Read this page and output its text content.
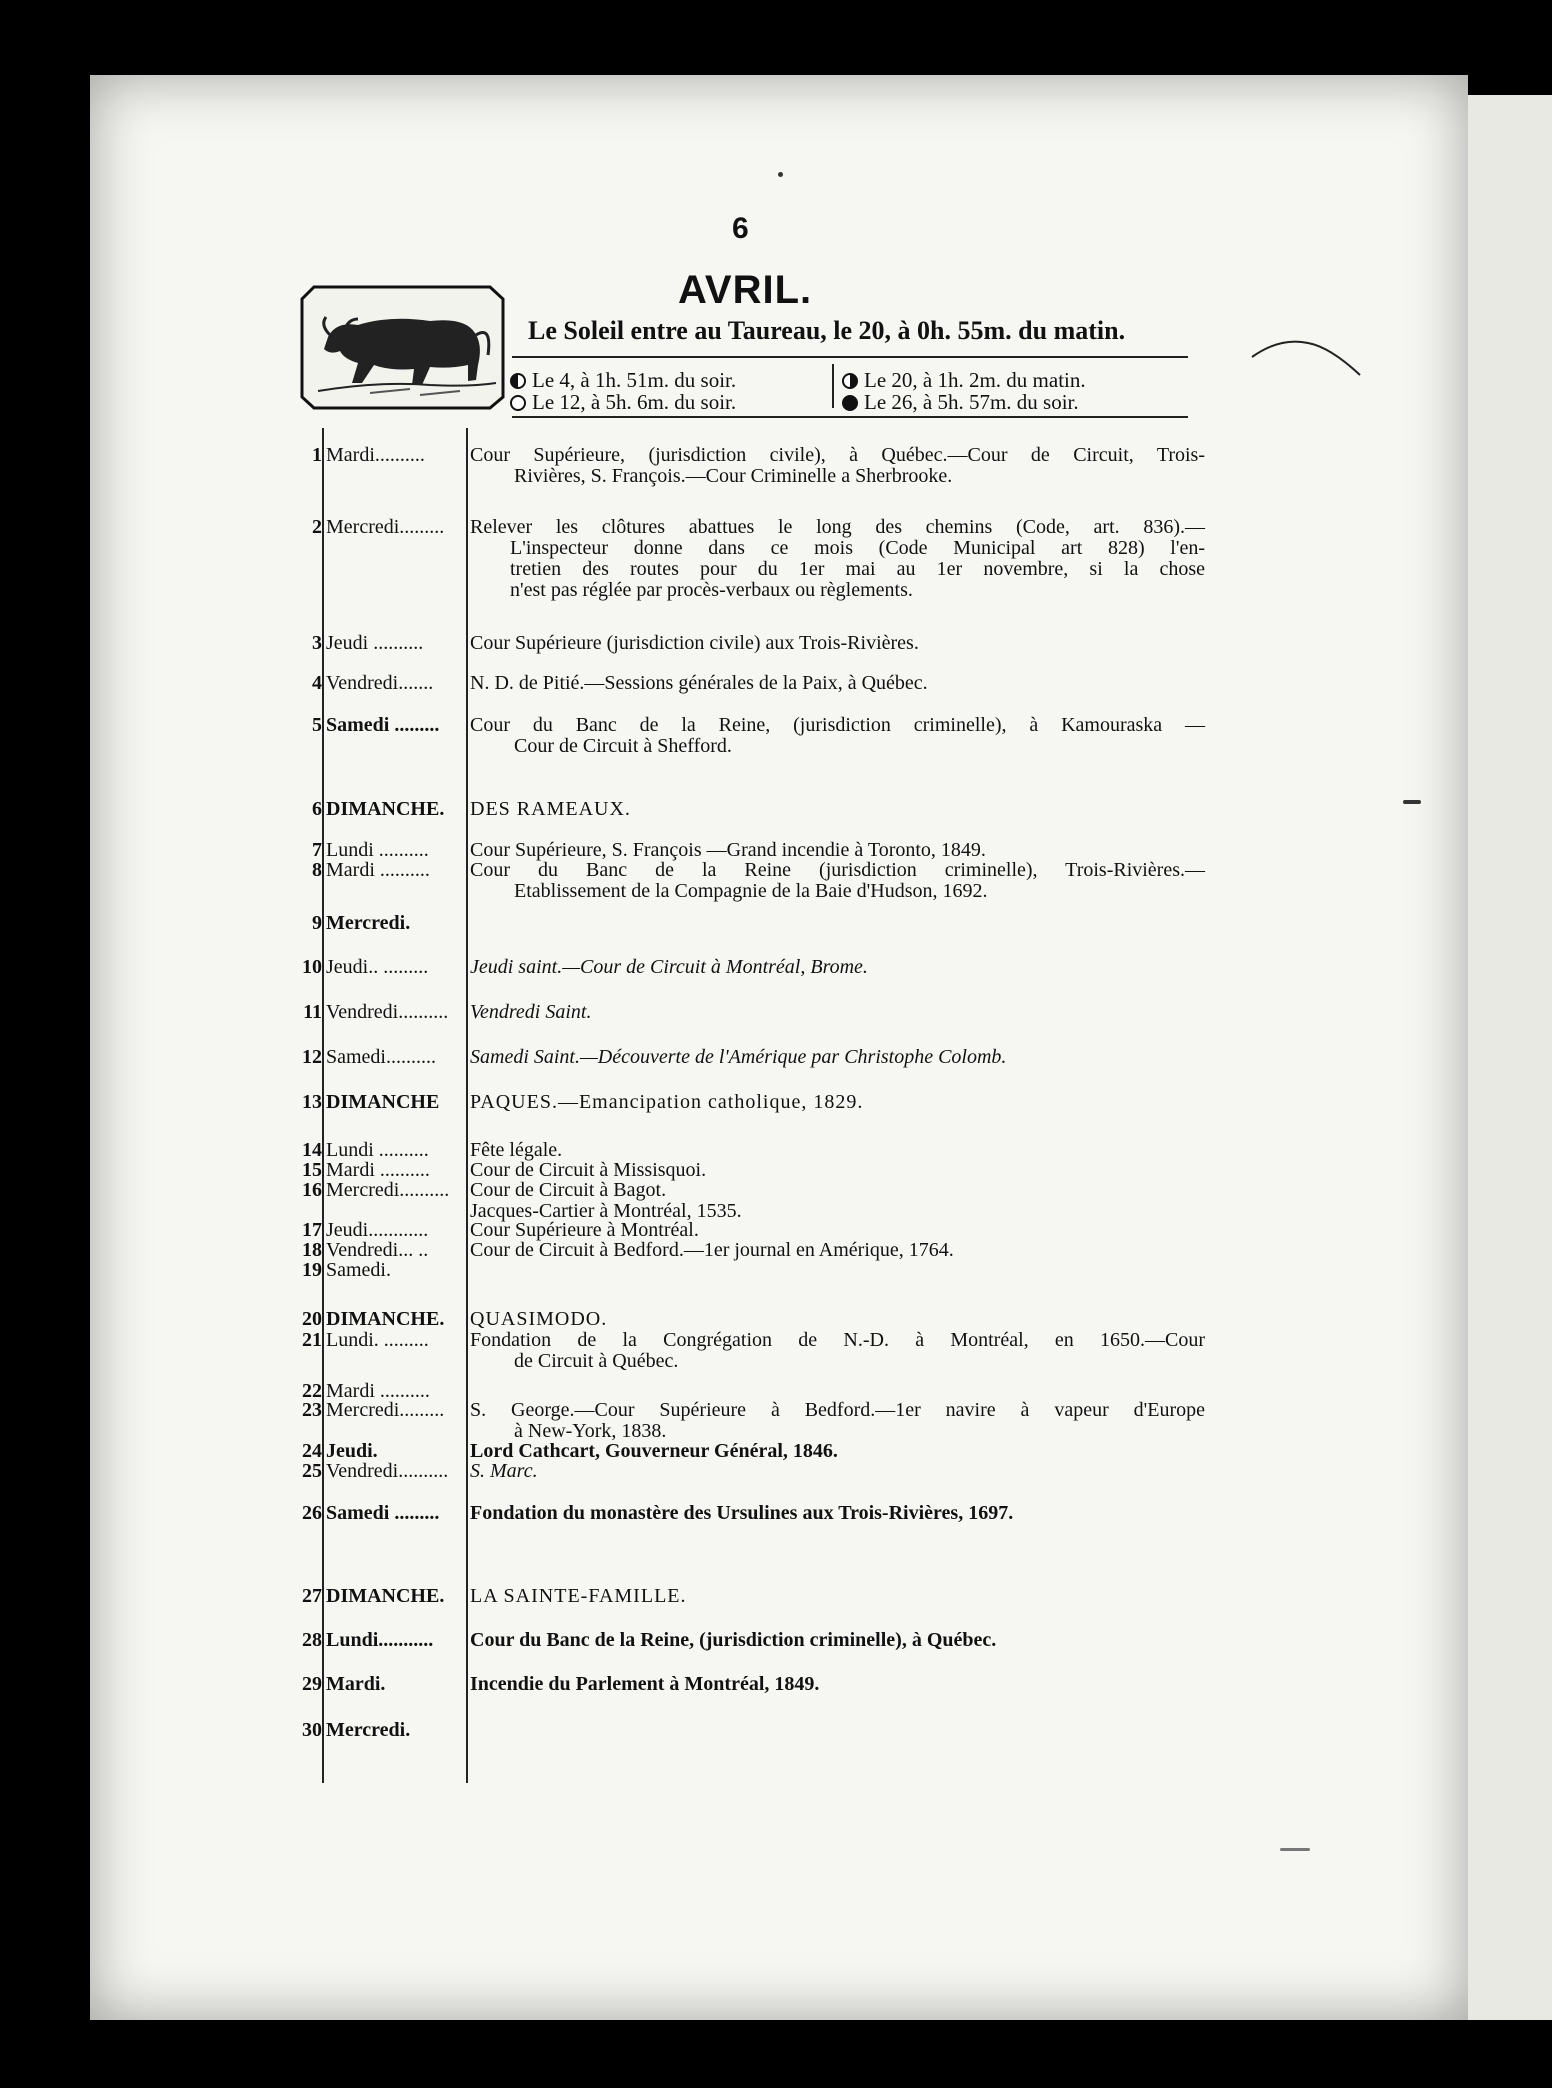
6
AVRIL.
Le Soleil entre au Taureau, le 20, à 0h. 55m. du matin.
Le 4, à 1h. 51m. du soir.
Le 12, à 5h. 6m. du soir.
Le 20, à 1h. 2m. du matin.
Le 26, à 5h. 57m. du soir.
1 Mardi..........	Cour Supérieure, (jurisdiction civile), à Québec.—Cour de Circuit, Trois-
Rivières, S. François.—Cour Criminelle a Sherbrooke.
2 Mercredi.........	Relever les clôtures abattues le long des chemins (Code, art. 836).—
L'inspecteur donne dans ce mois (Code Municipal art 828) l'en-
tretien des routes pour du 1er mai au 1er novembre, si la chose
n'est pas réglée par procès-verbaux ou règlements.
3 Jeudi ..........	Cour Supérieure (jurisdiction civile) aux Trois-Rivières.
4 Vendredi.......	N. D. de Pitié.—Sessions générales de la Paix, à Québec.
5 Samedi .........	Cour du Banc de la Reine, (jurisdiction criminelle), à Kamouraska —
Cour de Circuit à Shefford.
6 DIMANCHE.	DES RAMEAUX.
7 Lundi ..........	Cour Supérieure, S. François —Grand incendie à Toronto, 1849.
8 Mardi ..........	Cour du Banc de la Reine (jurisdiction criminelle), Trois-Rivières.—
Etablissement de la Compagnie de la Baie d'Hudson, 1692.
9 Mercredi.
10 Jeudi.. .........	Jeudi saint.—Cour de Circuit à Montréal, Brome.
11 Vendredi..........	Vendredi Saint.
12 Samedi..........	Samedi Saint.—Découverte de l'Amérique par Christophe Colomb.
13 DIMANCHE	PAQUES.—Emancipation catholique, 1829.
14 Lundi ..........	Fête légale.
15 Mardi ..........	Cour de Circuit à Missisquoi.
16 Mercredi..........	Cour de Circuit à Bagot.
Jacques-Cartier à Montréal, 1535.
17 Jeudi............	Cour Supérieure à Montréal.
18 Vendredi... ..	Cour de Circuit à Bedford.—1er journal en Amérique, 1764.
19 Samedi.
20 DIMANCHE.	QUASIMODO.
21 Lundi. .........	Fondation de la Congrégation de N.-D. à Montréal, en 1650.—Cour
de Circuit à Québec.
22 Mardi ..........
23 Mercredi.........	S. George.—Cour Supérieure à Bedford.—1er navire à vapeur d'Europe
à New-York, 1838.
24 Jeudi.	Lord Cathcart, Gouverneur Général, 1846.
25 Vendredi..........	S. Marc.
26 Samedi .........	Fondation du monastère des Ursulines aux Trois-Rivières, 1697.
27 DIMANCHE.	LA SAINTE-FAMILLE.
28 Lundi...........	Cour du Banc de la Reine, (jurisdiction criminelle), à Québec.
29 Mardi.	Incendie du Parlement à Montréal, 1849.
30 Mercredi.
